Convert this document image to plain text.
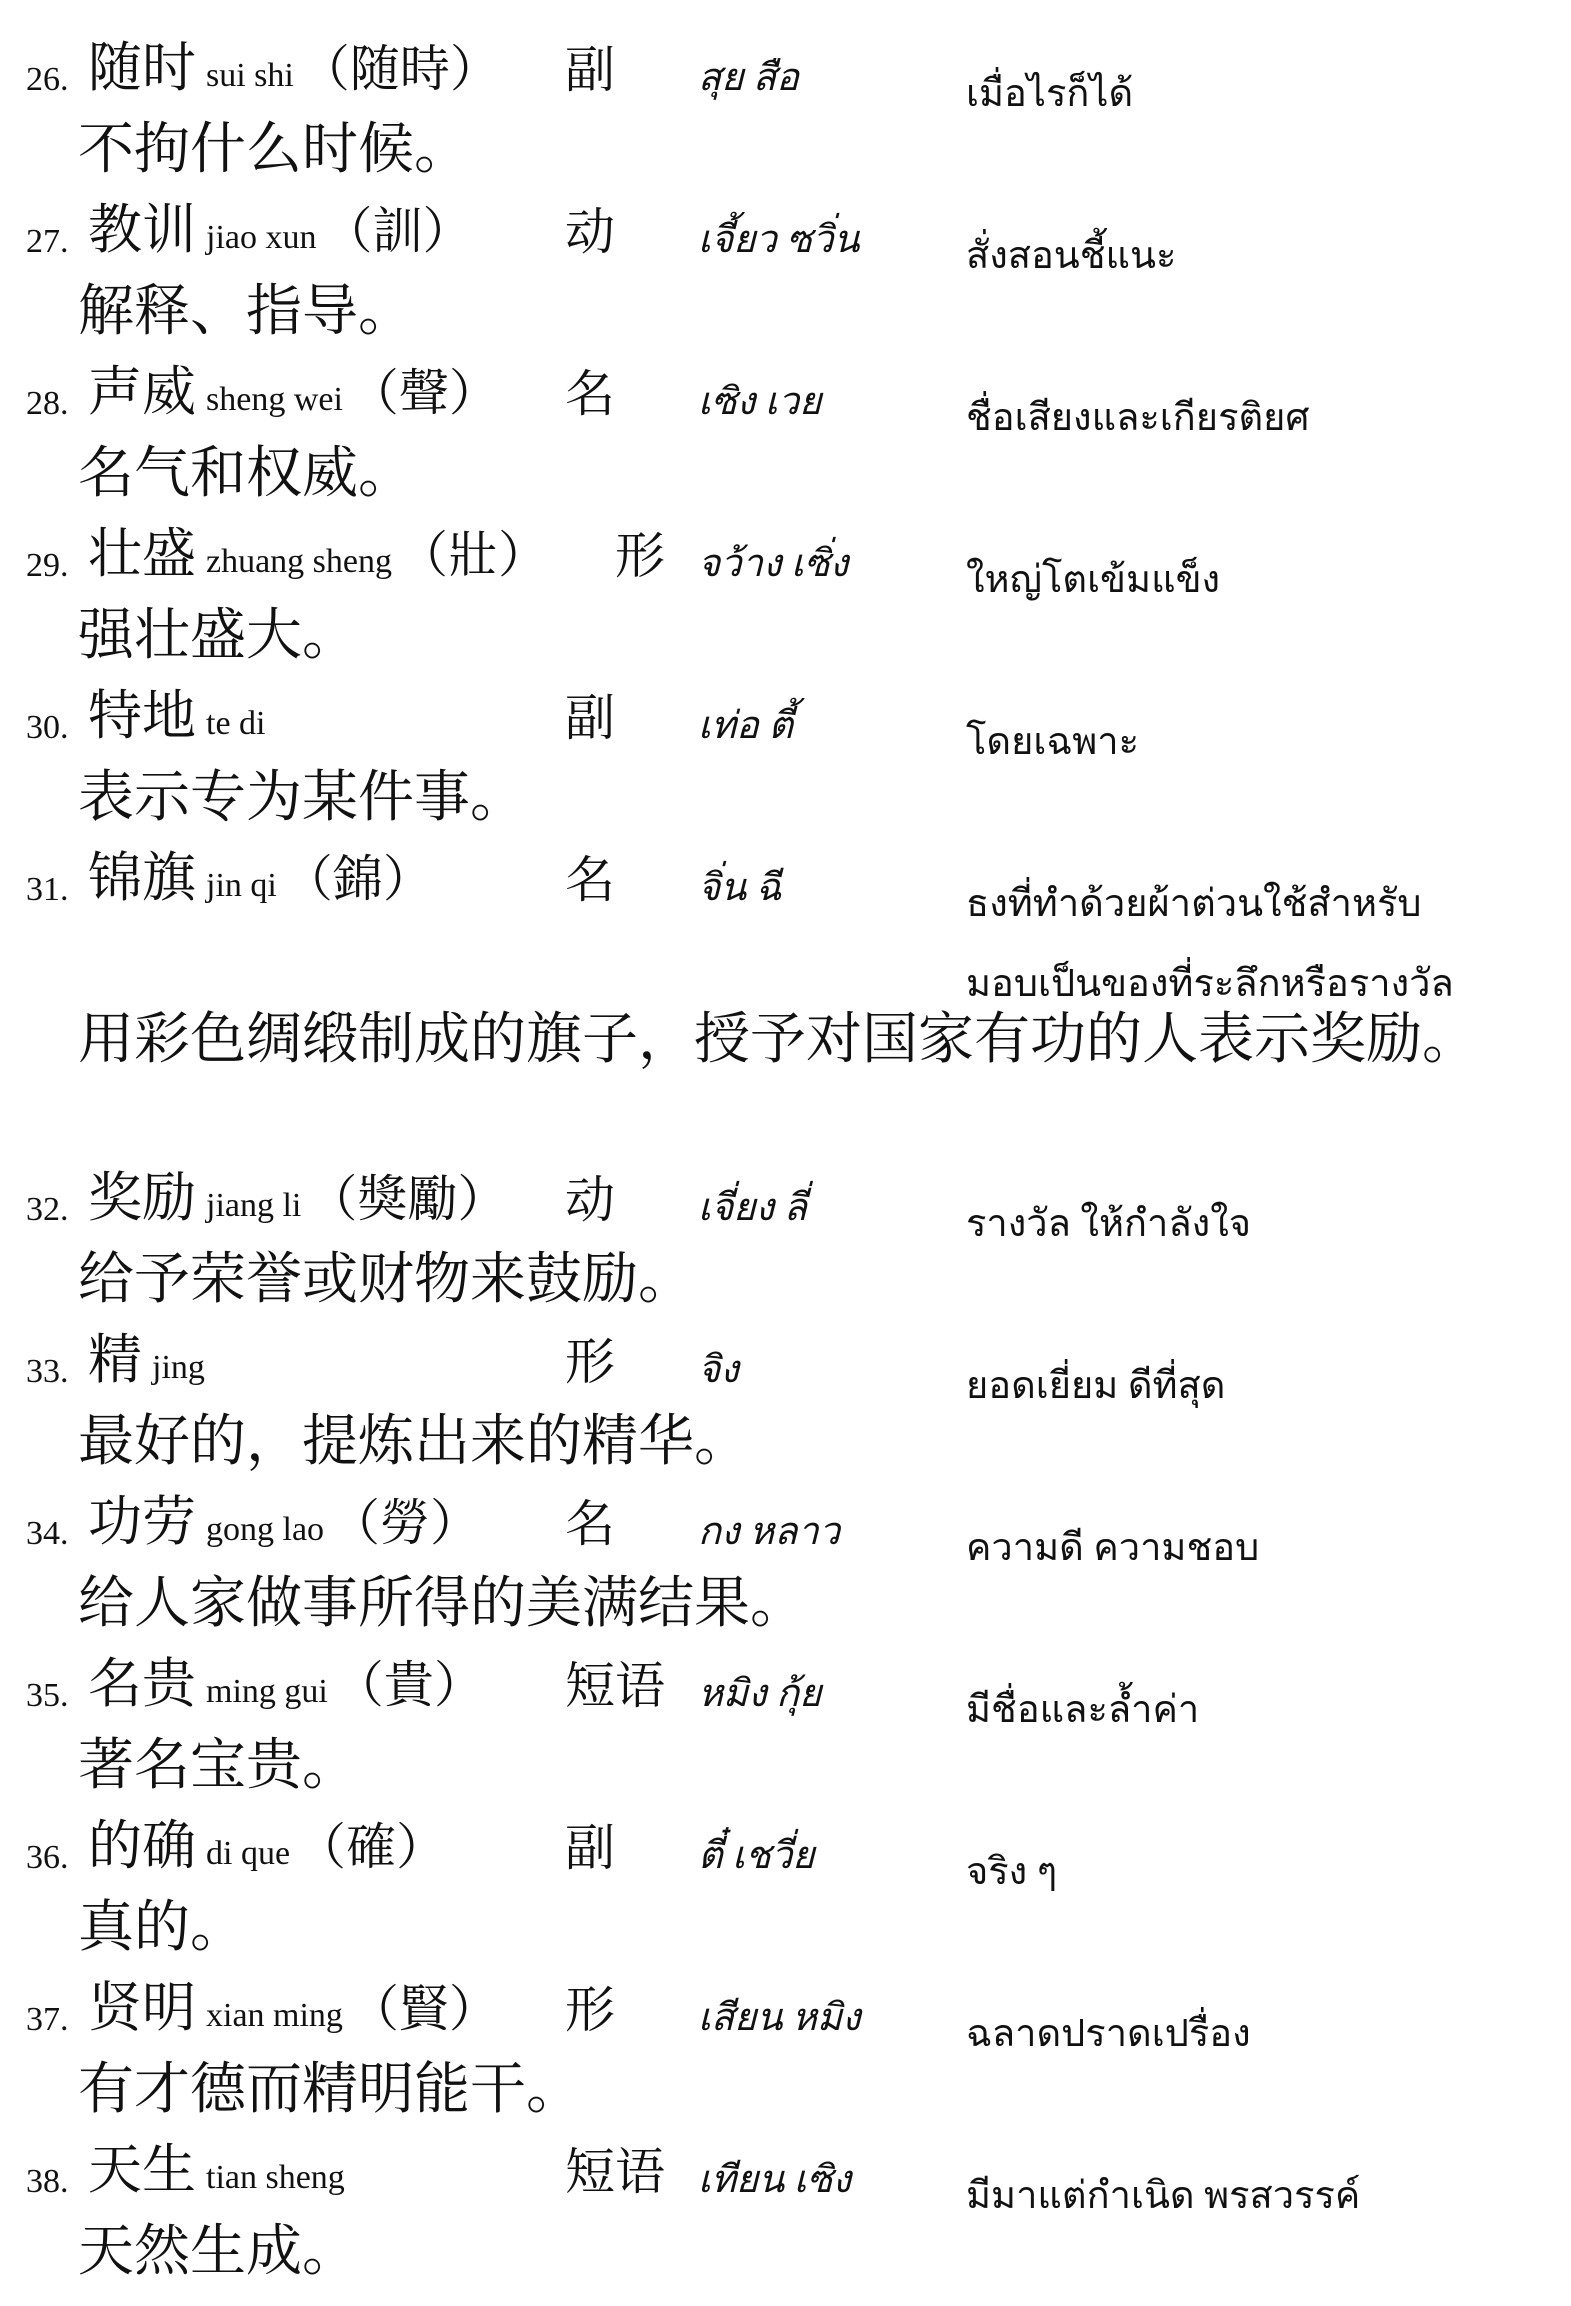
26. 随时 sui shi （随時） 副 สุย สือ	เมื่อไรก็ได้
不拘什么时候。
27. 教训 jiao xun （訓） 动 เจี้ยว ซวิ่น	สั่งสอนชี้แนะ
解释、指导。
28. 声威 sheng wei （聲） 名 เซิง เวย	ชื่อเสียงและเกียรติยศ
名气和权威。
29. 壮盛 zhuang sheng （壯） 形 จว้าง เซิ่ง	ใหญ่โตเข้มแข็ง
强壮盛大。
30. 特地 te di	副 เท่อ ตี้	โดยเฉพาะ
表示专为某件事。
31. 锦旗 jin qi （錦）	名 จิ่น ฉี	ธงที่ทำด้วยผ้าต่วนใช้สำหรับ
มอบเป็นของที่ระลึกหรือรางวัล
用彩色绸缎制成的旗子，授予对国家有功的人表示奖励。
32. 奖励 jiang li （獎勵） 动 เจี่ยง ลี่	รางวัล ให้กำลังใจ
给予荣誉或财物来鼓励。
33. 精jing	形 จิง	ยอดเยี่ยม ดีที่สุด
最好的，提炼出来的精华。
34. 功劳 gong lao （勞） 名 กง หลาว	ความดี ความชอบ
给人家做事所得的美满结果。
35. 名贵 ming gui （貴） 短语 หมิง กุ้ย	มีชื่อและล้ำค่า
著名宝贵。
36. 的确 di que （確） 副 ตี๋ เชวี่ย	จริง ๆ
真的。
37. 贤明 xian ming （賢） 形 เสียน หมิง	ฉลาดปราดเปรื่อง
有才德而精明能干。
38. 天生 tian sheng	短语 เทียน เซิง	มีมาแต่กำเนิด พรสวรรค์
天然生成。
